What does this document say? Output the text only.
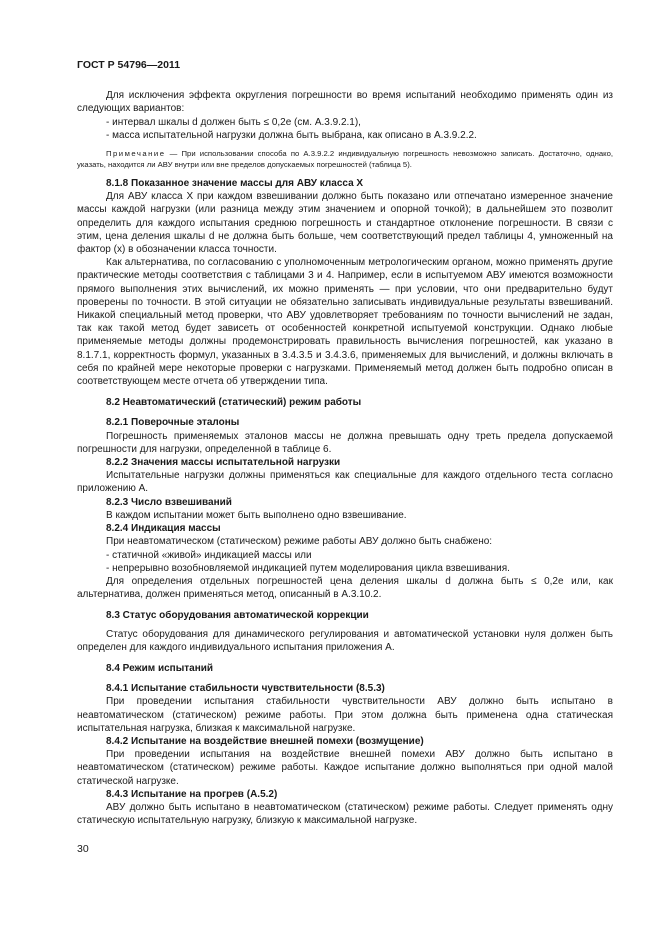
ГОСТ Р 54796—2011

Для исключения эффекта округления погрешности во время испытаний необходимо применять один из следующих вариантов:

- интервал шкалы d должен быть ≤ 0,2e (см. A.3.9.2.1),

- масса испытательной нагрузки должна быть выбрана, как описано в А.3.9.2.2.

Примечание — При использовании способа по А.3.9.2.2 индивидуальную погрешность невозможно записать. Достаточно, однако, указать, находится ли АВУ внутри или вне пределов допускаемых погрешностей (таблица 5).

8.1.8 Показанное значение массы для АВУ класса X

Для АВУ класса X при каждом взвешивании должно быть показано или отпечатано измеренное значение массы каждой нагрузки (или разница между этим значением и опорной точкой); в дальнейшем это позволит определить для каждого испытания среднюю погрешность и стандартное отклонение погрешности. В связи с этим, цена деления шкалы d не должна быть больше, чем соответствующий предел таблицы 4, умноженный на фактор (x) в обозначении класса точности.

Как альтернатива, по согласованию с уполномоченным метрологическим органом, можно применять другие практические методы соответствия с таблицами 3 и 4. Например, если в испытуемом АВУ имеются возможности прямого выполнения этих вычислений, их можно применять — при условии, что они предварительно будут проверены по точности. В этой ситуации не обязательно записывать индивидуальные результаты взвешиваний. Никакой специальный метод проверки, что АВУ удовлетворяет требованиям по точности вычислений не задан, так как такой метод будет зависеть от особенностей конкретной испытуемой конструкции. Однако любые применяемые методы должны продемонстрировать правильность вычисления погрешностей, как указано в 8.1.7.1, корректность формул, указанных в 3.4.3.5 и 3.4.3.6, применяемых для вычислений, и должны включать в себя по крайней мере некоторые проверки с нагрузками. Применяемый метод должен быть подробно описан в соответствующем месте отчета об утверждении типа.

8.2 Неавтоматический (статический) режим работы
8.2.1 Поверочные эталоны

Погрешность применяемых эталонов массы не должна превышать одну треть предела допускаемой погрешности для нагрузки, определенной в таблице 6.

8.2.2 Значения массы испытательной нагрузки

Испытательные нагрузки должны применяться как специальные для каждого отдельного теста согласно приложению А.

8.2.3 Число взвешиваний

В каждом испытании может быть выполнено одно взвешивание.

8.2.4 Индикация массы

При неавтоматическом (статическом) режиме работы АВУ должно быть снабжено:

- статичной «живой» индикацией массы или

- непрерывно возобновляемой индикацией путем моделирования цикла взвешивания.

Для определения отдельных погрешностей цена деления шкалы d должна быть ≤ 0,2e или, как альтернатива, должен применяться метод, описанный в А.3.10.2.

8.3 Статус оборудования автоматической коррекции

Статус оборудования для динамического регулирования и автоматической установки нуля должен быть определен для каждого индивидуального испытания приложения А.

8.4 Режим испытаний
8.4.1 Испытание стабильности чувствительности (8.5.3)

При проведении испытания стабильности чувствительности АВУ должно быть испытано в неавтоматическом (статическом) режиме работы. При этом должна быть применена одна статическая испытательная нагрузка, близкая к максимальной нагрузке.

8.4.2 Испытание на воздействие внешней помехи (возмущение)

При проведении испытания на воздействие внешней помехи АВУ должно быть испытано в неавтоматическом (статическом) режиме работы. Каждое испытание должно выполняться при одной малой статической нагрузке.

8.4.3 Испытание на прогрев (А.5.2)

АВУ должно быть испытано в неавтоматическом (статическом) режиме работы. Следует применять одну статическую испытательную нагрузку, близкую к максимальной нагрузке.

30
